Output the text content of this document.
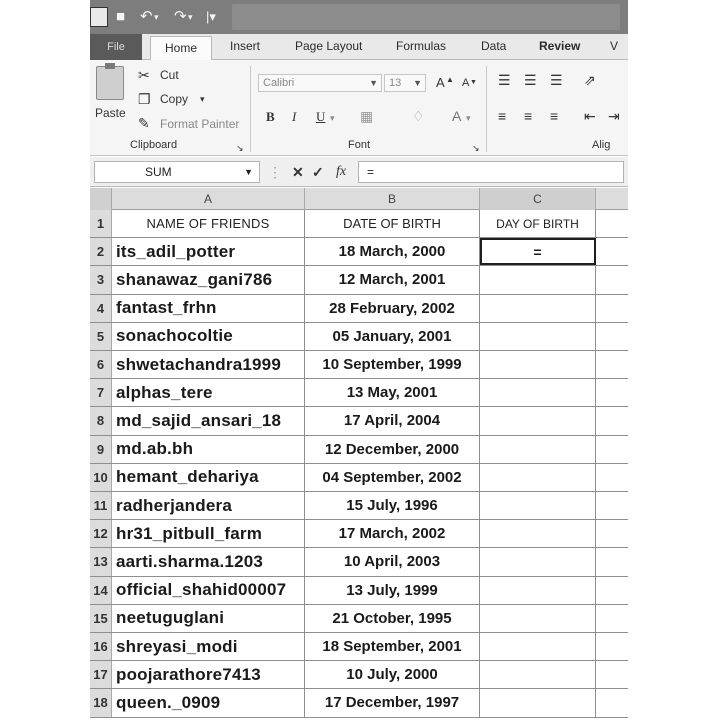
■ ↶ ▾ ↷ ▾ |▾
File	Home	Insert	Page Layout	Formulas	Data	Review V
Paste
✂ Cut
❐ Copy ▾
✎ Format Painter
Clipboard	↘
Calibri	▼	13 ▼ A ▲ A ▼
B I U ▾ ▦	♢ A ▾
Font	↘
☰ ☰ ☰ ⇗
≡ ≡ ≡ ⇤ ⇥
Alig
SUM	▼ ⋮ ✕ ✓ fx	=
A	B	C
1	NAME OF FRIENDS	DATE OF BIRTH	DAY OF BIRTH
2 its_adil_potter	18 March, 2000	=
3 shanawaz_gani786	12 March, 2001
4 fantast_frhn	28 February, 2002
5 sonachocoltie	05 January, 2001
6 shwetachandra1999	10 September, 1999
7 alphas_tere	13 May, 2001
8 md_sajid_ansari_18	17 April, 2004
9 md.ab.bh	12 December, 2000
10 hemant_dehariya	04 September, 2002
11 radherjandera	15 July, 1996
12 hr31_pitbull_farm	17 March, 2002
13 aarti.sharma.1203	10 April, 2003
14 official_shahid00007	13 July, 1999
15 neetuguglani	21 October, 1995
16 shreyasi_modi	18 September, 2001
17 poojarathore7413	10 July, 2000
18 queen._0909	17 December, 1997
